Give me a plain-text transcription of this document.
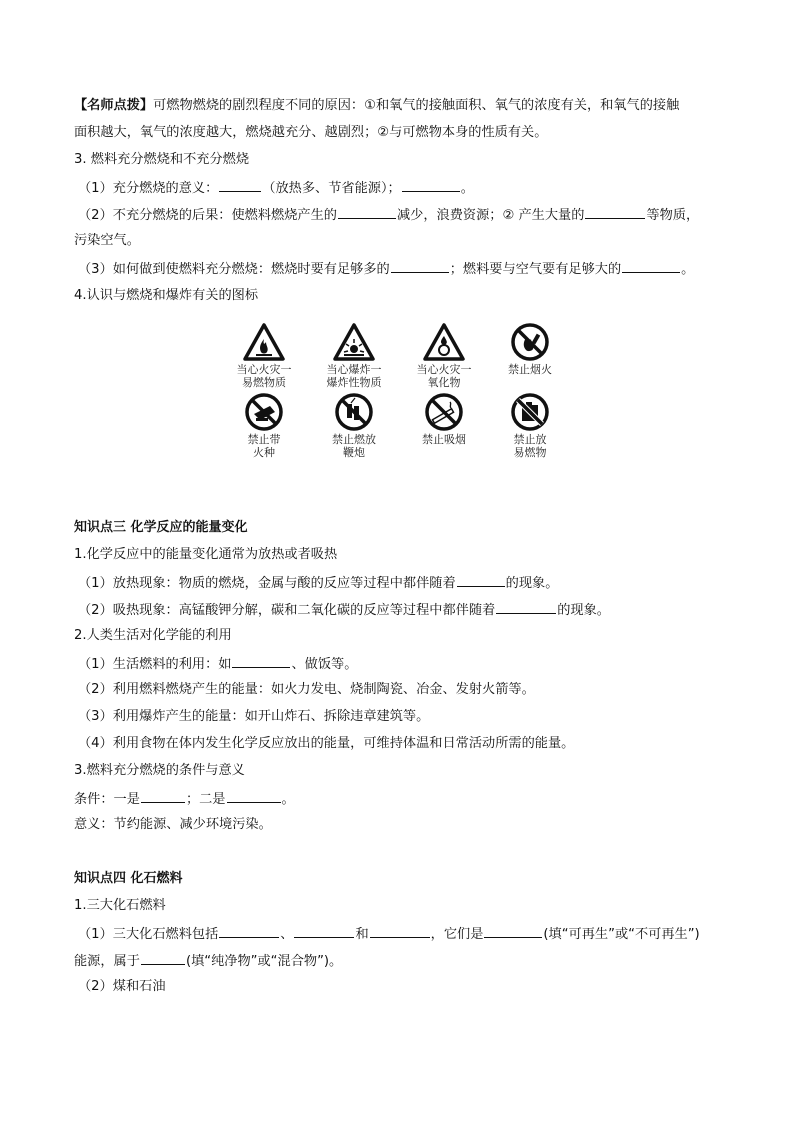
【名师点拨】可燃物燃烧的剧烈程度不同的原因：①和氧气的接触面积、氧气的浓度有关，和氧气的接触
面积越大，氧气的浓度越大，燃烧越充分、越剧烈；②与可燃物本身的性质有关。
3. 燃料充分燃烧和不充分燃烧
（1）充分燃烧的意义：	（放热多、节省能源）；	。
（2）不充分燃烧的后果：使燃料燃烧产生的	减少，浪费资源；② 产生大量的	等物质，
污染空气。
（3）如何做到使燃料充分燃烧：燃烧时要有足够多的	；燃料要与空气要有足够大的	。
4.认识与燃烧和爆炸有关的图标
当心火灾一
易燃物质
当心爆炸一
爆炸性物质
当心火灾一
氧化物
禁止烟火
禁止带
火种
禁止燃放
鞭炮
禁止吸烟	禁止放
易燃物
知识点三 化学反应的能量变化
1.化学反应中的能量变化通常为放热或者吸热
（1）放热现象：物质的燃烧，金属与酸的反应等过程中都伴随着	的现象。
（2）吸热现象：高锰酸钾分解，碳和二氧化碳的反应等过程中都伴随着	的现象。
2.人类生活对化学能的利用
（1）生活燃料的利用：如	、做饭等。
（2）利用燃料燃烧产生的能量：如火力发电、烧制陶瓷、冶金、发射火箭等。
（3）利用爆炸产生的能量：如开山炸石、拆除违章建筑等。
（4）利用食物在体内发生化学反应放出的能量，可维持体温和日常活动所需的能量。
3.燃料充分燃烧的条件与意义
条件：一是	；二是	。
意义：节约能源、减少环境污染。
知识点四 化石燃料
1.三大化石燃料
（1）三大化石燃料包括	、	和	，它们是	(填“可再生”或“不可再生”)
能源，属于	(填“纯净物”或“混合物”)。
（2）煤和石油
